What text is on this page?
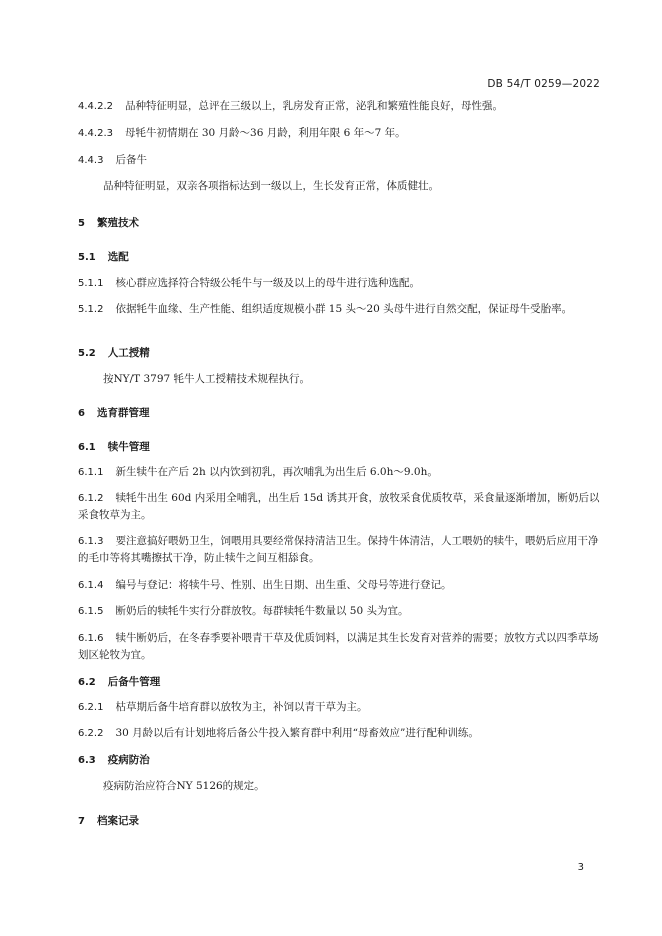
DB 54/T 0259—2022
4.4.2.2 品种特征明显，总评在三级以上，乳房发育正常，泌乳和繁殖性能良好，母性强。
4.4.2.3 母牦牛初情期在 30 月龄～36 月龄，利用年限 6 年～7 年。
4.4.3 后备牛
品种特征明显，双亲各项指标达到一级以上，生长发育正常，体质健壮。
5 繁殖技术
5.1 选配
5.1.1 核心群应选择符合特级公牦牛与一级及以上的母牛进行选种选配。
5.1.2 依据牦牛血缘、生产性能、组织适度规模小群 15 头～20 头母牛进行自然交配，保证母牛受胎率。
5.2 人工授精
按NY/T 3797 牦牛人工授精技术规程执行。
6 选育群管理
6.1 犊牛管理
6.1.1 新生犊牛在产后 2h 以内饮到初乳，再次哺乳为出生后 6.0h～9.0h。
6.1.2 犊牦牛出生 60d 内采用全哺乳，出生后 15d 诱其开食，放牧采食优质牧草，采食量逐渐增加，断奶后以采食牧草为主。
6.1.3 要注意搞好喂奶卫生，饲喂用具要经常保持清洁卫生。保持牛体清洁，人工喂奶的犊牛，喂奶后应用干净的毛巾等将其嘴擦拭干净，防止犊牛之间互相舔食。
6.1.4 编号与登记：将犊牛号、性别、出生日期、出生重、父母号等进行登记。
6.1.5 断奶后的犊牦牛实行分群放牧。每群犊牦牛数量以 50 头为宜。
6.1.6 犊牛断奶后，在冬春季要补喂青干草及优质饲料，以满足其生长发育对营养的需要；放牧方式以四季草场划区轮牧为宜。
6.2 后备牛管理
6.2.1 枯草期后备牛培育群以放牧为主，补饲以青干草为主。
6.2.2 30 月龄以后有计划地将后备公牛投入繁育群中利用“母畜效应”进行配种训练。
6.3 疫病防治
疫病防治应符合NY 5126的规定。
7 档案记录
3
